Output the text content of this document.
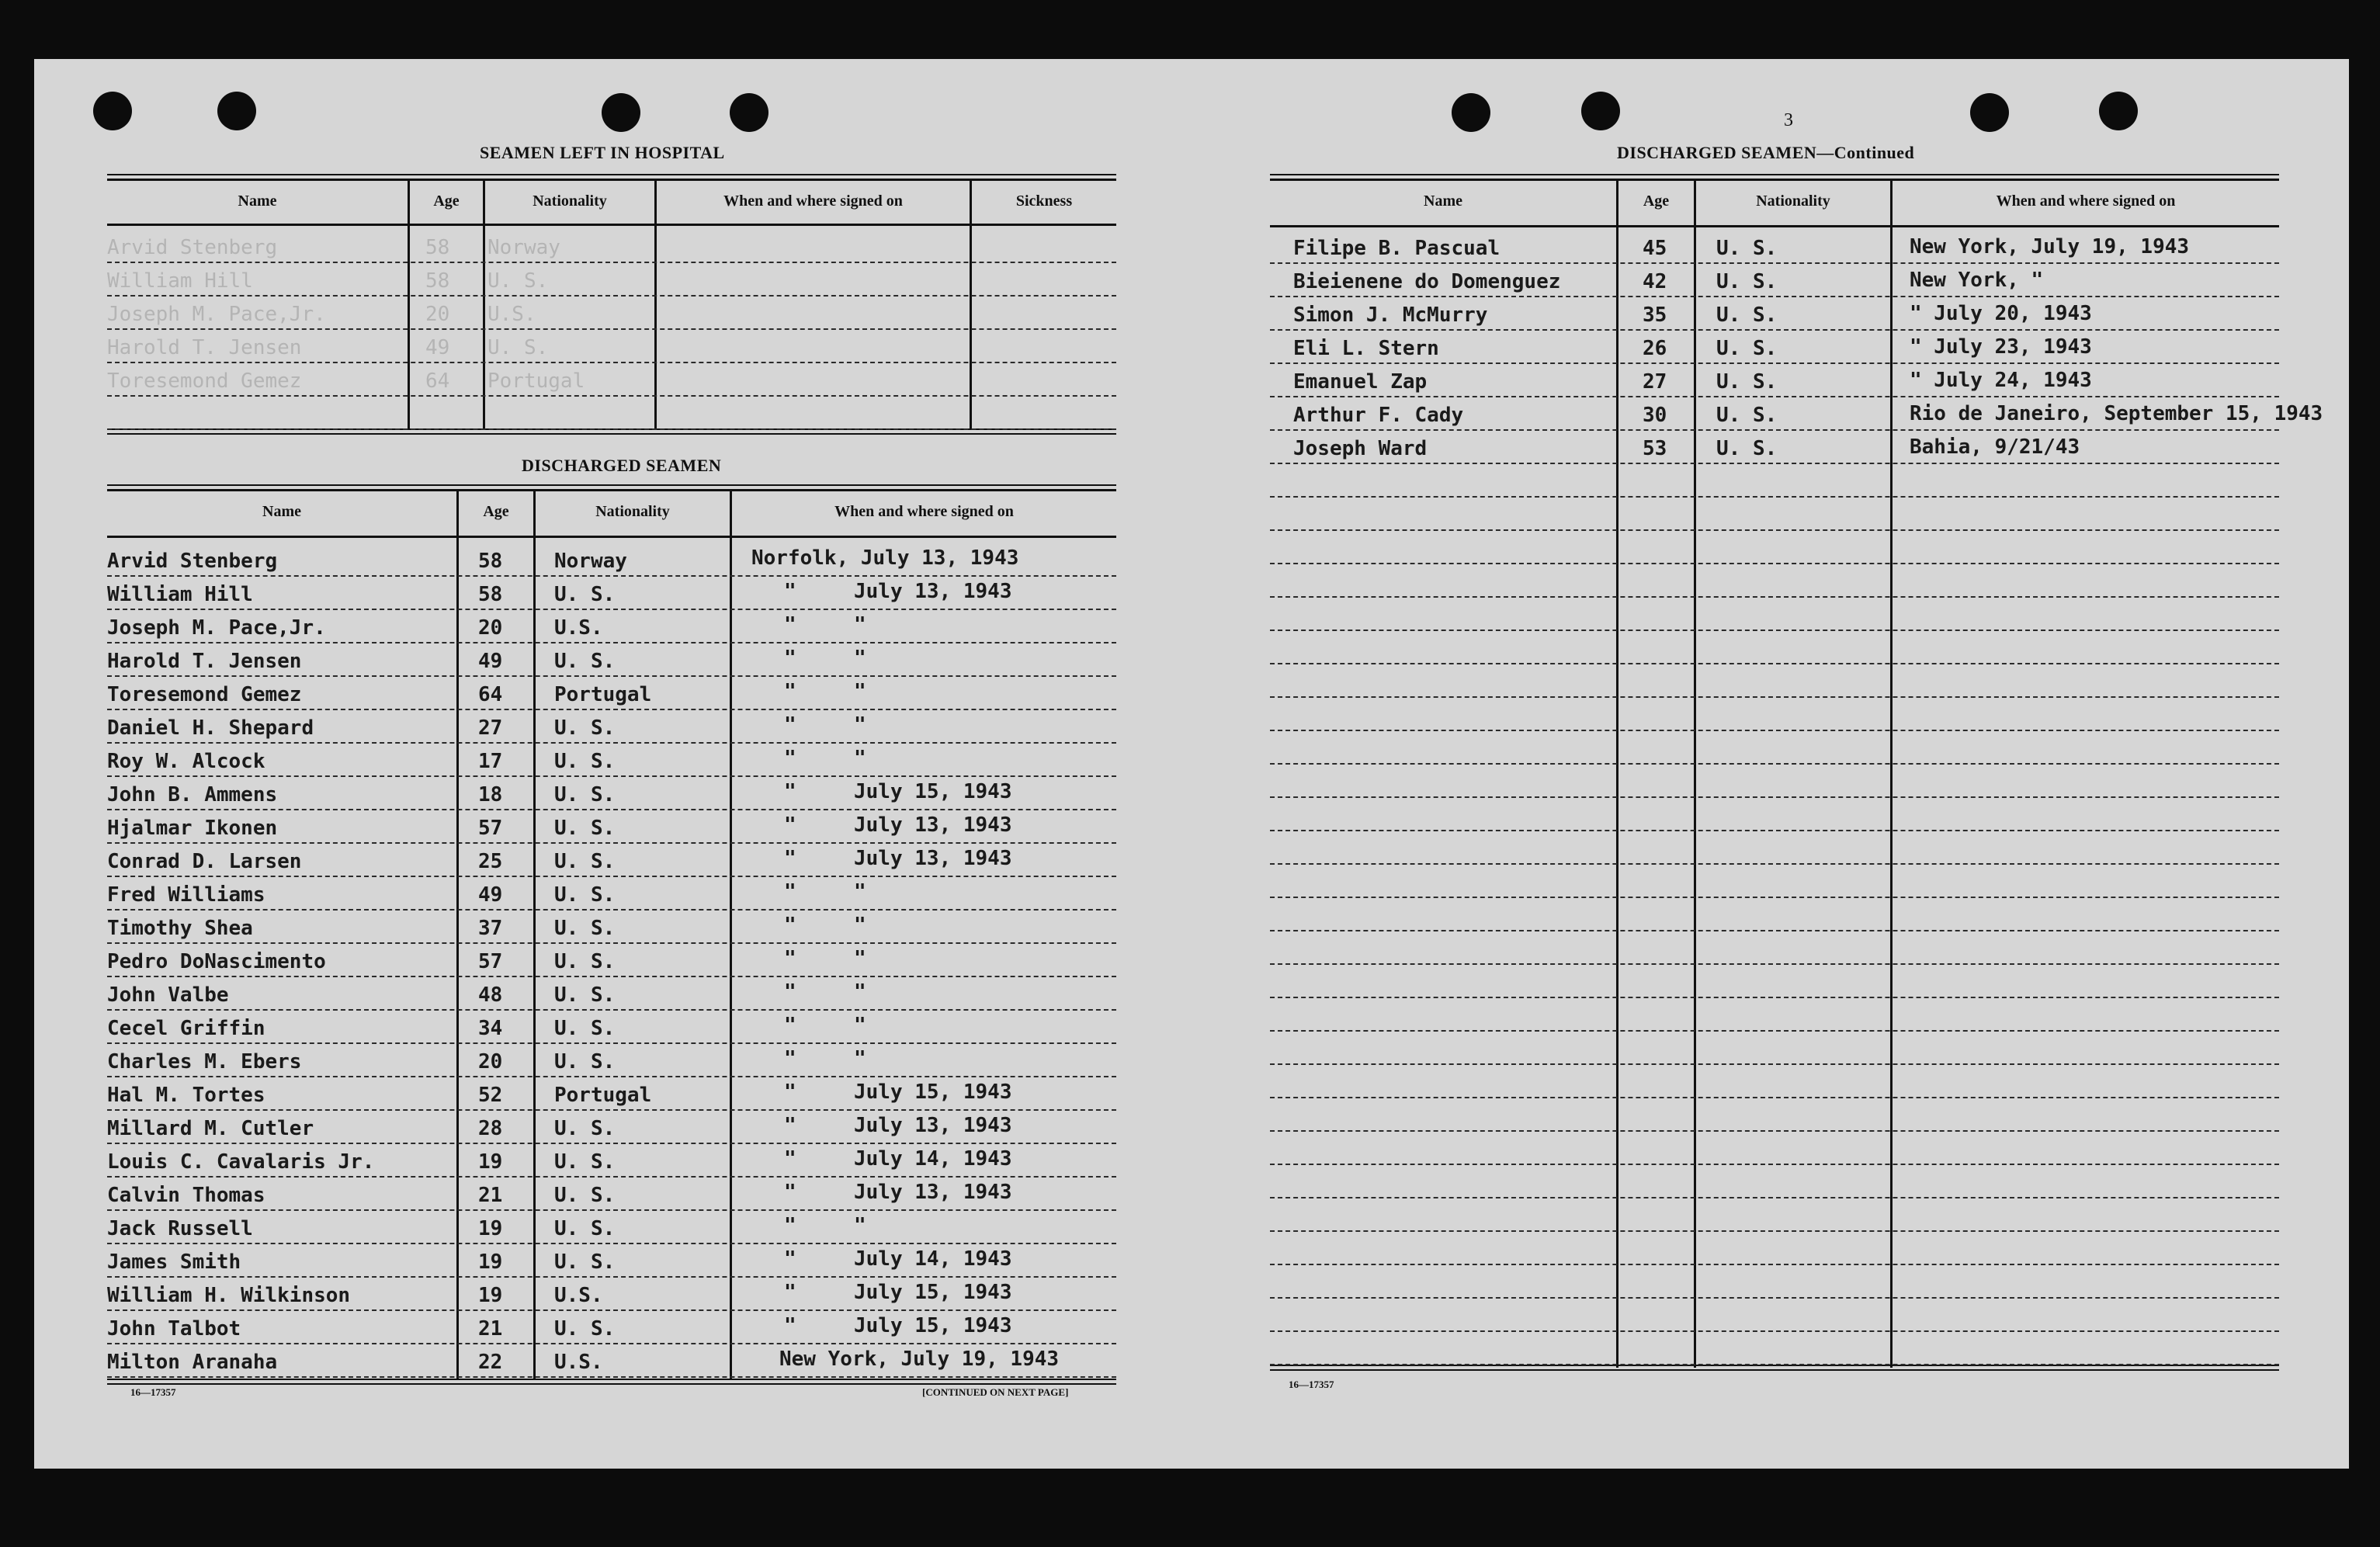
SEAMEN LEFT IN HOSPITAL
Name	Age	Nationality	When and where signed on	Sickness
Arvid Stenberg	58 Norway
William Hill	58 U. S.
Joseph M. Pace,Jr.	20 U.S.
Harold T. Jensen	49 U. S.
Toresemond Gemez	64 Portugal
DISCHARGED SEAMEN
Name	Age	Nationality	When and where signed on
Arvid Stenberg	58	Norway	Norfolk, July 13, 1943
William Hill	58	U. S.	"	July 13, 1943
Joseph M. Pace,Jr.	20	U.S.	"	"
Harold T. Jensen	49	U. S.	"	"
Toresemond Gemez	64	Portugal	"	"
Daniel H. Shepard	27	U. S.	"	"
Roy W. Alcock	17	U. S.	"	"
John B. Ammens	18	U. S.	"	July 15, 1943
Hjalmar Ikonen	57	U. S.	"	July 13, 1943
Conrad D. Larsen	25	U. S.	"	July 13, 1943
Fred Williams	49	U. S.	"	"
Timothy Shea	37	U. S.	"	"
Pedro DoNascimento	57	U. S.	"	"
John Valbe	48	U. S.	"	"
Cecel Griffin	34	U. S.	"	"
Charles M. Ebers	20	U. S.	"	"
Hal M. Tortes	52	Portugal	"	July 15, 1943
Millard M. Cutler	28	U. S.	"	July 13, 1943
Louis C. Cavalaris Jr.	19	U. S.	"	July 14, 1943
Calvin Thomas	21	U. S.	"	July 13, 1943
Jack Russell	19	U. S.	"	"
James Smith	19	U. S.	"	July 14, 1943
William H. Wilkinson	19	U.S.	"	July 15, 1943
John Talbot	21	U. S.	"	July 15, 1943
Milton Aranaha	22	U.S.	New York, July 19, 1943
16—17357	[CONTINUED ON NEXT PAGE]
3
DISCHARGED SEAMEN—Continued
Name	Age	Nationality	When and where signed on
Filipe B. Pascual	45 U. S.	New York, July 19, 1943
Bieienene do Domenguez	42 U. S.	New York, "
Simon J. McMurry	35 U. S.	" July 20, 1943
Eli L. Stern	26 U. S.	" July 23, 1943
Emanuel Zap	27 U. S.	" July 24, 1943
Arthur F. Cady	30 U. S.	Rio de Janeiro, September 15, 1943
Joseph Ward	53 U. S.	Bahia, 9/21/43
16—17357
